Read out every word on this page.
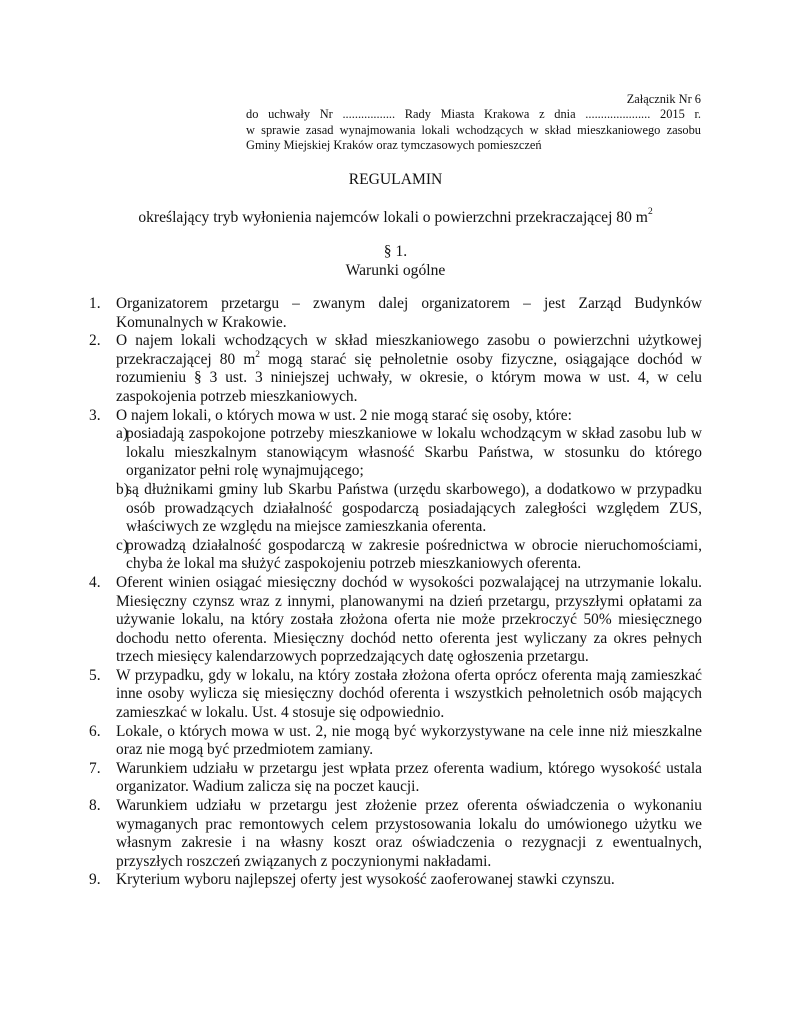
Załącznik Nr 6
do uchwały Nr ................. Rady Miasta Krakowa z dnia ..................... 2015 r.
w sprawie zasad wynajmowania lokali wchodzących w skład mieszkaniowego zasobu
Gminy Miejskiej Kraków oraz tymczasowych pomieszczeń
REGULAMIN
określający tryb wyłonienia najemców lokali o powierzchni przekraczającej 80 $m^2$
§ 1.
Warunki ogólne
1.	Organizatorem przetargu – zwanym dalej organizatorem – jest Zarząd Budynków Komunalnych w Krakowie.
2.	O najem lokali wchodzących w skład mieszkaniowego zasobu o powierzchni użytkowej przekraczającej 80 $m^2$ mogą starać się pełnoletnie osoby fizyczne, osiągające dochód w rozumieniu § 3 ust. 3 niniejszej uchwały, w okresie, o którym mowa w ust. 4, w celu zaspokojenia potrzeb mieszkaniowych.
3.	O najem lokali, o których mowa w ust. 2 nie mogą starać się osoby, które:
a)
posiadają zaspokojone potrzeby mieszkaniowe w lokalu wchodzącym w skład zasobu lub w lokalu mieszkalnym stanowiącym własność Skarbu Państwa, w stosunku do którego organizator pełni rolę wynajmującego;
b)
są dłużnikami gminy lub Skarbu Państwa (urzędu skarbowego), a dodatkowo w przypadku osób prowadzących działalność gospodarczą posiadających zaległości względem ZUS, właściwych ze względu na miejsce zamieszkania oferenta.
c)
prowadzą działalność gospodarczą w zakresie pośrednictwa w obrocie nieruchomościami, chyba że lokal ma służyć zaspokojeniu potrzeb mieszkaniowych oferenta.
4.	Oferent winien osiągać miesięczny dochód w wysokości pozwalającej na utrzymanie lokalu. Miesięczny czynsz wraz z innymi, planowanymi na dzień przetargu, przyszłymi opłatami za używanie lokalu, na który została złożona oferta nie może przekroczyć 50% miesięcznego dochodu netto oferenta. Miesięczny dochód netto oferenta jest wyliczany za okres pełnych trzech miesięcy kalendarzowych poprzedzających datę ogłoszenia przetargu.
5.	W przypadku, gdy w lokalu, na który została złożona oferta oprócz oferenta mają zamieszkać inne osoby wylicza się miesięczny dochód oferenta i wszystkich pełnoletnich osób mających zamieszkać w lokalu. Ust. 4 stosuje się odpowiednio.
6.	Lokale, o których mowa w ust. 2, nie mogą być wykorzystywane na cele inne niż mieszkalne oraz nie mogą być przedmiotem zamiany.
7.	Warunkiem udziału w przetargu jest wpłata przez oferenta wadium, którego wysokość ustala organizator. Wadium zalicza się na poczet kaucji.
8.	Warunkiem udziału w przetargu jest złożenie przez oferenta oświadczenia o wykonaniu wymaganych prac remontowych celem przystosowania lokalu do umówionego użytku we własnym zakresie i na własny koszt oraz oświadczenia o rezygnacji z ewentualnych, przyszłych roszczeń związanych z poczynionymi nakładami.
9.	Kryterium wyboru najlepszej oferty jest wysokość zaoferowanej stawki czynszu.
